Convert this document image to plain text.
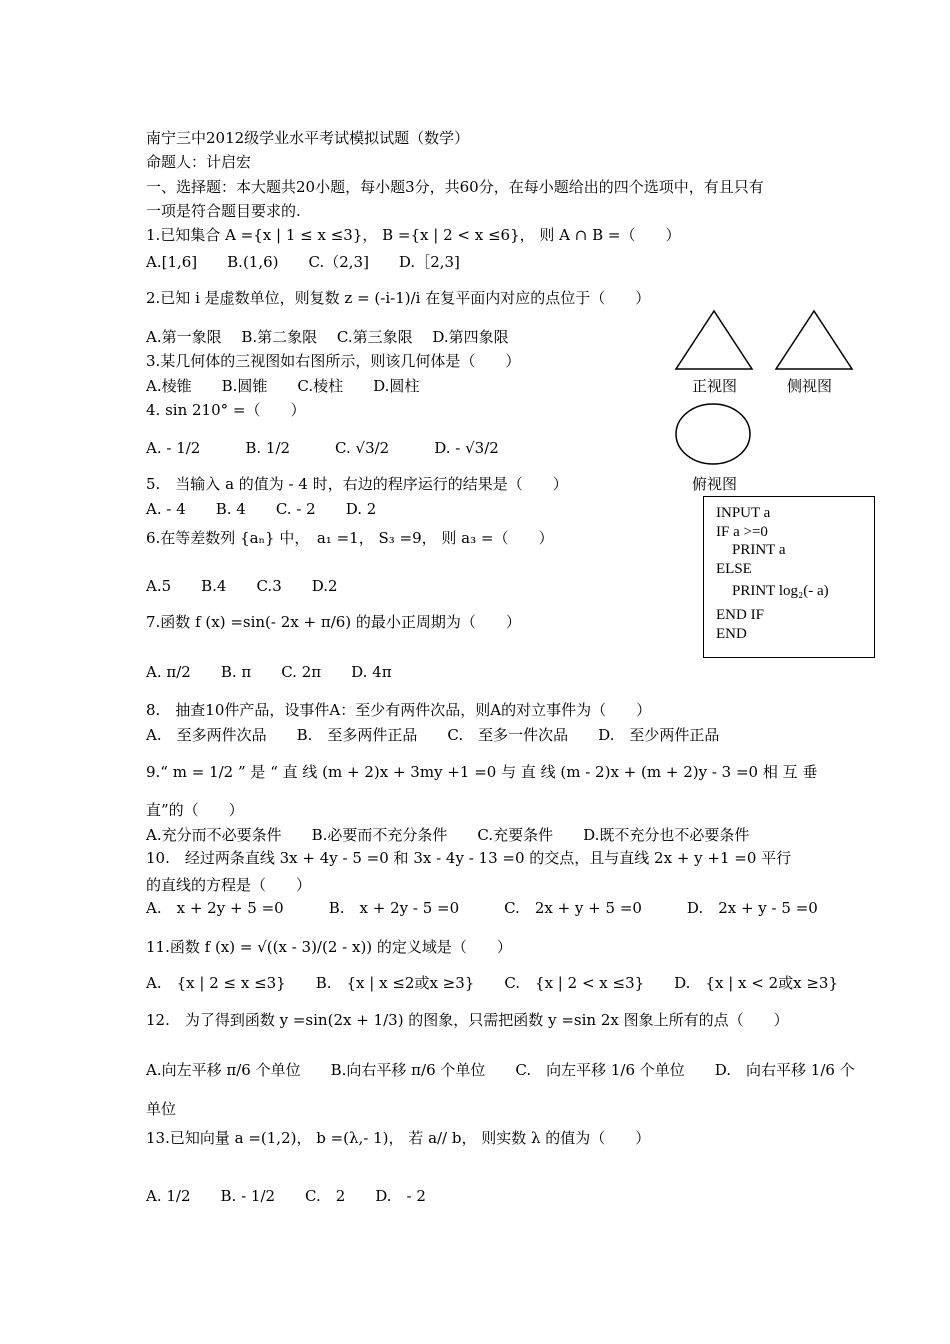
南宁三中2012级学业水平考试模拟试题（数学）
命题人：计启宏
一、选择题：本大题共20小题，每小题3分，共60分，在每小题给出的四个选项中，有且只有
一项是符合题目要求的.
1.已知集合 A ={x | 1 ≤ x ≤3}， B ={x | 2 < x ≤6}， 则 A ∩ B =（　　）
A.[1,6]　　B.(1,6)　　C.（2,3]　　D.［2,3]
2.已知 i 是虚数单位，则复数 z = (-i-1)/i 在复平面内对应的点位于（　　）
A.第一象限　 B.第二象限　 C.第三象限　 D.第四象限
3.某几何体的三视图如右图所示，则该几何体是（　　）
A.棱锥　　B.圆锥　　C.棱柱　　D.圆柱
4. sin 210° =（　　）
A. - 1/2　　　B. 1/2　　　C. √3/2　　　D. - √3/2
5.　当输入 a 的值为 - 4 时，右边的程序运行的结果是（　　）
A. - 4　　B. 4　　C. - 2　　D. 2
6.在等差数列 {aₙ} 中，　a₁ =1， S₃ =9， 则 a₃ =（　　）
A.5　　B.4　　C.3　　D.2
7.函数 f (x) =sin(- 2x + π/6) 的最小正周期为（　　）
A. π/2　　B. π　　C. 2π　　D. 4π
8.　抽查10件产品，设事件A：至少有两件次品，则A的对立事件为（　　）
A.　至多两件次品　　B.　至多两件正品　　C.　至多一件次品　　D.　至少两件正品
9.“ m = 1/2 ” 是 “ 直 线 (m + 2)x + 3my +1 =0 与 直 线 (m - 2)x + (m + 2)y - 3 =0 相 互 垂
直”的（　　）
A.充分而不必要条件　　B.必要而不充分条件　　C.充要条件　　D.既不充分也不必要条件
10.　经过两条直线 3x + 4y - 5 =0 和 3x - 4y - 13 =0 的交点，且与直线 2x + y +1 =0 平行
的直线的方程是（　　）
A.　x + 2y + 5 =0　　　B.　x + 2y - 5 =0　　　C.　2x + y + 5 =0　　　D.　2x + y - 5 =0
11.函数 f (x) = √((x - 3)/(2 - x)) 的定义域是（　　）
A.　{x | 2 ≤ x ≤3}　　B.　{x | x ≤2或x ≥3}　　C.　{x | 2 < x ≤3}　　D.　{x | x < 2或x ≥3}
12.　为了得到函数 y =sin(2x + 1/3) 的图象，只需把函数 y =sin 2x 图象上所有的点（　　）
A.向左平移 π/6 个单位　　B.向右平移 π/6 个单位　　C.　向左平移 1/6 个单位　　D.　向右平移 1/6 个
单位
13.已知向量 a =(1,2)， b =(λ,- 1)， 若 a// b， 则实数 λ 的值为（　　）
A. 1/2　　B. - 1/2　　C.　2　　D.　- 2
正视图	侧视图
俯视图
INPUT a
IF a >=0
PRINT a
ELSE
PRINT log₂(- a)
END IF
END
